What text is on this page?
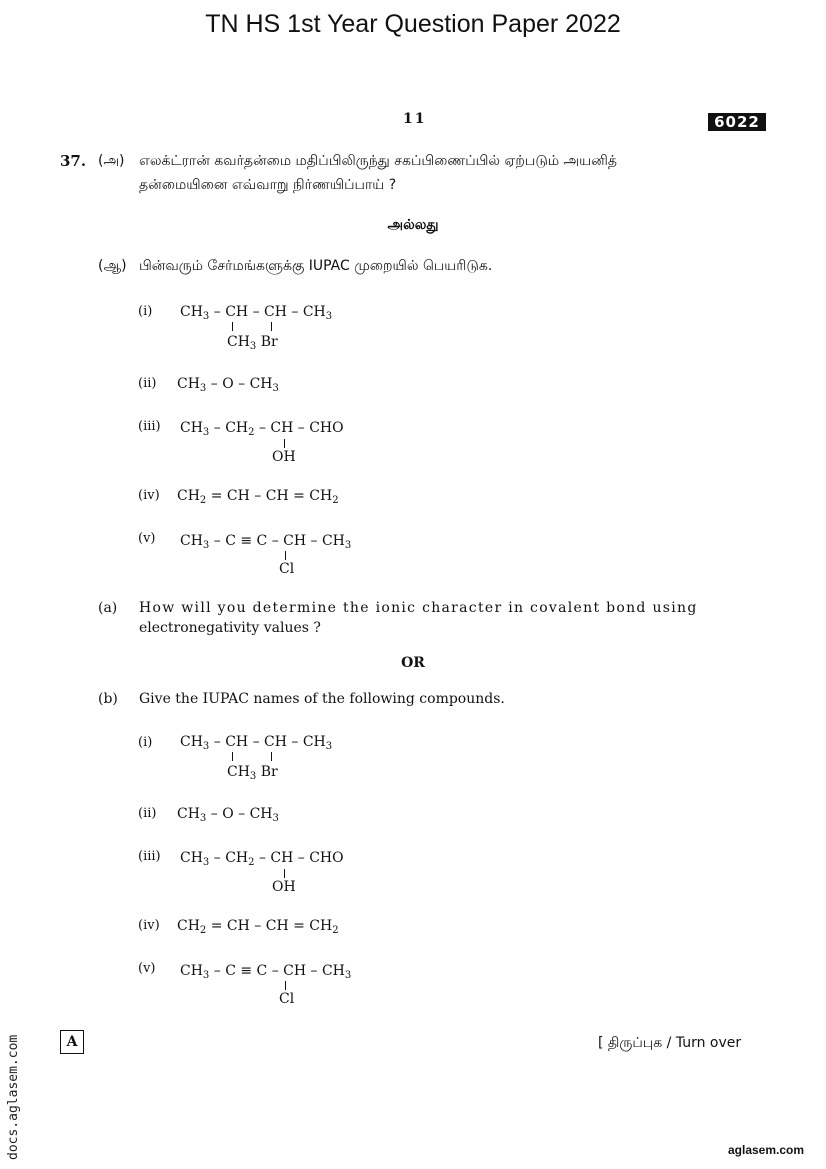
TN HS 1st Year Question Paper 2022
11	6022
37. (அ) எலக்ட்ரான் கவர்தன்மை மதிப்பிலிருந்து சகப்பிணைப்பில் ஏற்படும் அயனித்
தன்மையினை எவ்வாறு நிர்ணயிப்பாய் ?
அல்லது
(ஆ) பின்வரும் சேர்மங்களுக்கு IUPAC முறையில் பெயரிடுக.
(i) $CH_3$ – CH – CH – $CH_3$
$CH_3$ Br
(ii) $CH_3$ – O – $CH_3$
(iii) $CH_3 - CH_2$ – CH – CHO
OH
(iv) $CH_2$ = CH – CH = $CH_2$
(v) $CH_3 - C \equiv C$ – CH – $CH_3$
Cl
(a) How will you determine the ionic character in covalent bond using
electronegativity values ?
OR
(b) Give the IUPAC names of the following compounds.
(i) $CH_3$ – CH – CH – $CH_3$
$CH_3$ Br
(ii) $CH_3$ – O – $CH_3$
(iii) $CH_3 - CH_2$ – CH – CHO
OH
(iv) $CH_2$ = CH – CH = $CH_2$
(v) $CH_3 - C \equiv C$ – CH – $CH_3$
Cl
A	[ திருப்புக / Turn over
docs.aglasem.com	aglasem.com
